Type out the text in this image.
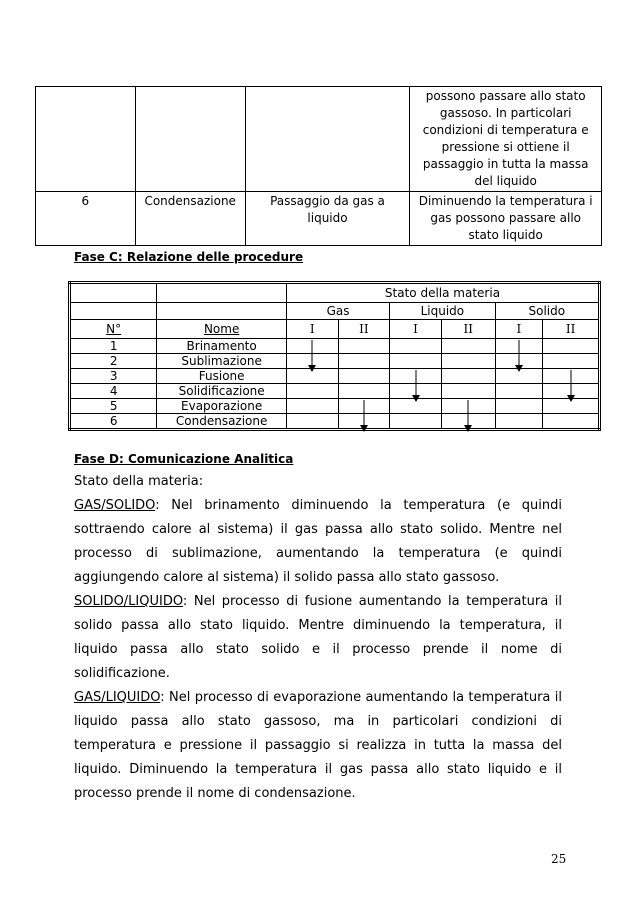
			possono passare allo stato gassoso. In particolari condizioni di temperatura e pressione si ottiene il passaggio in tutta la massa del liquido
6	Condensazione	Passaggio da gas a liquido	Diminuendo la temperatura i gas possono passare allo stato liquido
Fase C: Relazione delle procedure
		Stato della materia					
		Gas		Liquido		Solido	
N°	Nome	I	II	I	II	I	II
1	Brinamento	

2	Sublimazione						
3	Fusione			

4	Solidificazione						
5	Evaporazione		

6	Condensazione						
Fase D: Comunicazione Analitica
Stato della materia:
GAS/SOLIDO: Nel brinamento diminuendo la temperatura (e quindi sottraendo calore al sistema) il gas passa allo stato solido. Mentre nel processo di sublimazione, aumentando la temperatura (e quindi aggiungendo calore al sistema) il solido passa allo stato gassoso.
SOLIDO/LIQUIDO: Nel processo di fusione aumentando la temperatura il solido passa allo stato liquido. Mentre diminuendo la temperatura, il liquido passa allo stato solido e il processo prende il nome di solidificazione.
GAS/LIQUIDO: Nel processo di evaporazione aumentando la temperatura il liquido passa allo stato gassoso, ma in particolari condizioni di temperatura e pressione il passaggio si realizza in tutta la massa del liquido. Diminuendo la temperatura il gas passa allo stato liquido e il processo prende il nome di condensazione.
25
